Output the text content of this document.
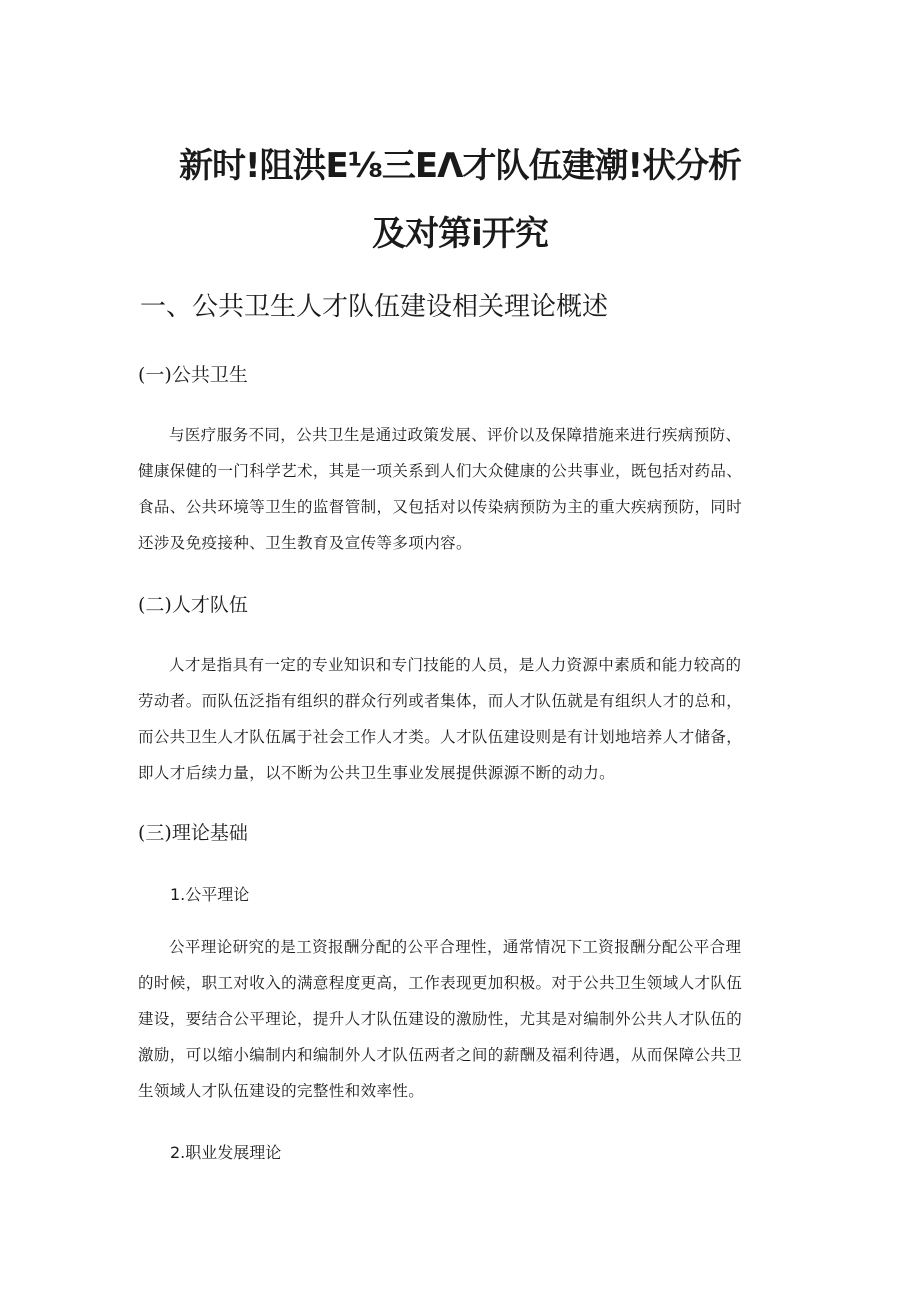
新时!阻洪E⅛三EΛ才队伍建潮!状分析
及对第i开究
一、公共卫生人才队伍建设相关理论概述
(一)公共卫生
与医疗服务不同，公共卫生是通过政策发展、评价以及保障措施来进行疾病预防、
健康保健的一门科学艺术，其是一项关系到人们大众健康的公共事业，既包括对药品、
食品、公共环境等卫生的监督管制，又包括对以传染病预防为主的重大疾病预防，同时
还涉及免疫接种、卫生教育及宣传等多项内容。
(二)人才队伍
人才是指具有一定的专业知识和专门技能的人员，是人力资源中素质和能力较高的
劳动者。而队伍泛指有组织的群众行列或者集体，而人才队伍就是有组织人才的总和，
而公共卫生人才队伍属于社会工作人才类。人才队伍建设则是有计划地培养人才储备，
即人才后续力量，以不断为公共卫生事业发展提供源源不断的动力。
(三)理论基础
1.公平理论
公平理论研究的是工资报酬分配的公平合理性，通常情况下工资报酬分配公平合理
的时候，职工对收入的满意程度更高，工作表现更加积极。对于公共卫生领域人才队伍
建设，要结合公平理论，提升人才队伍建设的激励性，尤其是对编制外公共人才队伍的
激励，可以缩小编制内和编制外人才队伍两者之间的薪酬及福利待遇，从而保障公共卫
生领域人才队伍建设的完整性和效率性。
2.职业发展理论
